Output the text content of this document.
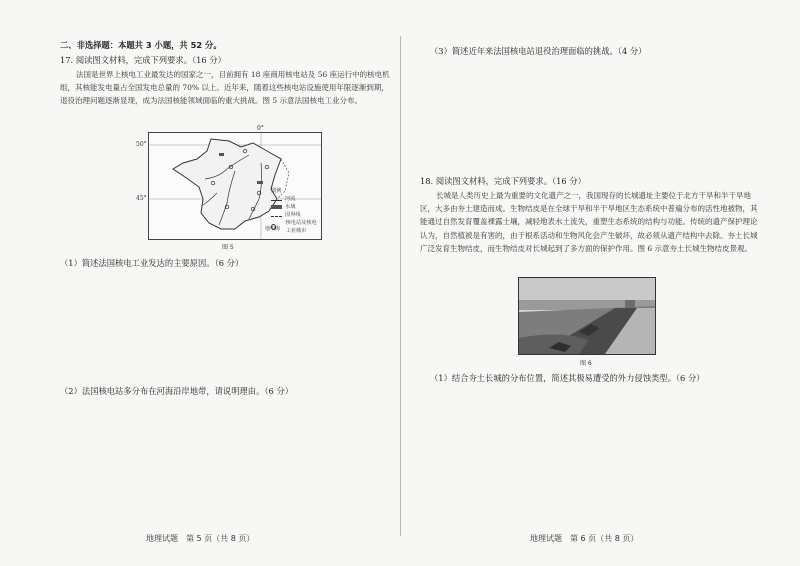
二、非选择题：本题共 3 小题，共 52 分。
17. 阅读图文材料，完成下列要求。（16 分）
法国是世界上核电工业最发达的国家之一，目前拥有 18 座商用核电站及 56 座运行中的核电机组，其核能发电量占全国发电总量的 70% 以上。近年来，随着这些核电站设施使用年限逐渐到期，退役治理问题逐渐显现，成为法国核能领域面临的重大挑战。图 5 示意法国核电工业分布。
50°
45°
0°
地中海
图例
河流
水域
国界线
核电站及核电工业城市
图 5
（1）简述法国核电工业发达的主要原因。（6 分）
（2）法国核电站多分布在河海沿岸地带，请说明理由。（6 分）
地理试题　第 5 页（共 8 页）
（3）简述近年来法国核电站退役治理面临的挑战。（4 分）
18. 阅读图文材料，完成下列要求。（16 分）
长城是人类历史上最为重要的文化遗产之一，我国现存的长城遗址主要位于北方干旱和半干旱地区，大多由夯土建造而成。生物结皮是在全球干旱和半干旱地区生态系统中普遍分布的活性地被物，其能通过自然发育覆盖裸露土壤，减轻地表水土流失，重塑生态系统的结构与功能。传统的遗产保护理论认为，自然植被是有害的，由于根系活动和生物风化会产生破坏，故必须从遗产结构中去除。夯土长城广泛发育生物结皮，而生物结皮对长城起到了多方面的保护作用。图 6 示意夯土长城生物结皮景观。
图 6
（1）结合夯土长城的分布位置，简述其极易遭受的外力侵蚀类型。（6 分）
地理试题　第 6 页（共 8 页）
